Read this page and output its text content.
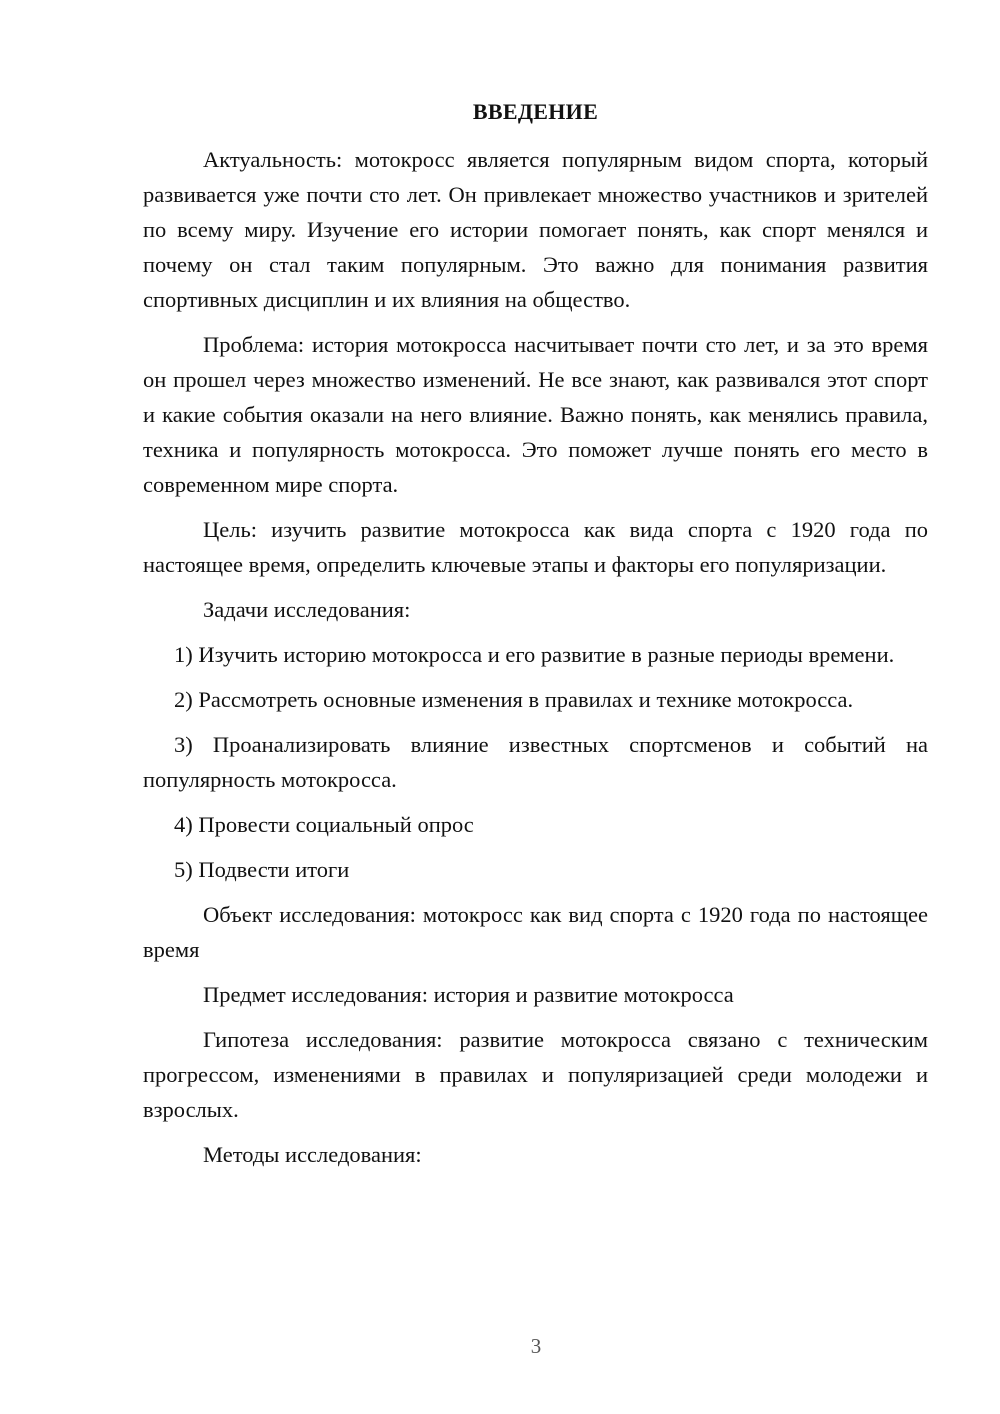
ВВЕДЕНИЕ

Актуальность: мотокросс является популярным видом спорта, который развивается уже почти сто лет. Он привлекает множество участников и зрителей по всему миру. Изучение его истории помогает понять, как спорт менялся и почему он стал таким популярным. Это важно для понимания развития спортивных дисциплин и их влияния на общество.

Проблема: история мотокросса насчитывает почти сто лет, и за это время он прошел через множество изменений. Не все знают, как развивался этот спорт и какие события оказали на него влияние. Важно понять, как менялись правила, техника и популярность мотокросса. Это поможет лучше понять его место в современном мире спорта.

Цель: изучить развитие мотокросса как вида спорта с 1920 года по настоящее время, определить ключевые этапы и факторы его популяризации.

Задачи исследования:

1) Изучить историю мотокросса и его развитие в разные периоды времени.

2) Рассмотреть основные изменения в правилах и технике мотокросса.

3) Проанализировать влияние известных спортсменов и событий на популярность мотокросса.

4) Провести социальный опрос

5) Подвести итоги

Объект исследования: мотокросс как вид спорта с 1920 года по настоящее время

Предмет исследования: история и развитие мотокросса

Гипотеза исследования: развитие мотокросса связано с техническим прогрессом, изменениями в правилах и популяризацией среди молодежи и взрослых.

Методы исследования:

3
